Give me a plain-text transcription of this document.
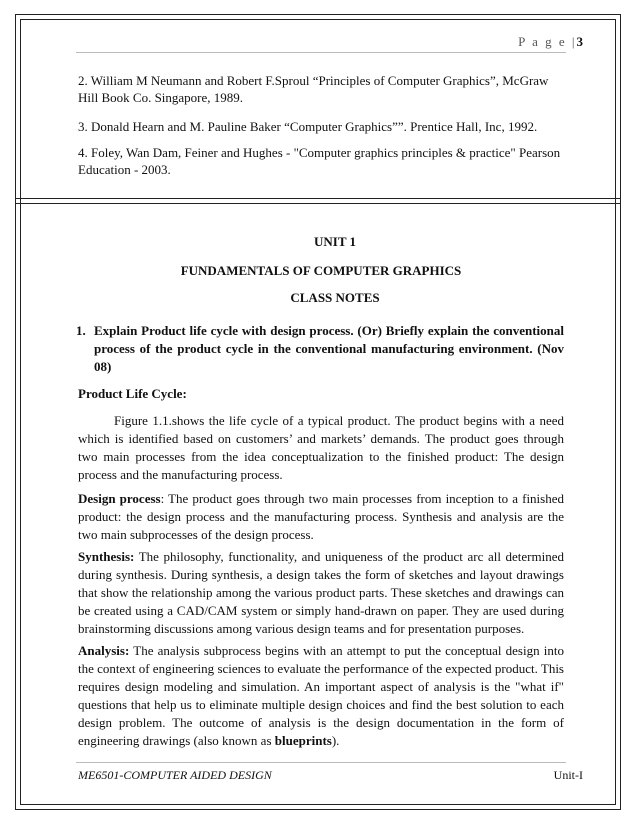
P a g e |3

2. William M Neumann and Robert F.Sproul “Principles of Computer Graphics”, McGraw Hill Book Co. Singapore, 1989.

3. Donald Hearn and M. Pauline Baker “Computer Graphics””. Prentice Hall, Inc, 1992.

4. Foley, Wan Dam, Feiner and Hughes - "Computer graphics principles & practice" Pearson Education - 2003.

UNIT 1

FUNDAMENTALS OF COMPUTER GRAPHICS

CLASS NOTES

1. Explain Product life cycle with design process. (Or) Briefly explain the conventional process of the product cycle in the conventional manufacturing environment. (Nov 08)

Product Life Cycle:

Figure 1.1.shows the life cycle of a typical product. The product begins with a need which is identified based on customers’ and markets’ demands. The product goes through two main processes from the idea conceptualization to the finished product: The design process and the manufacturing process.

Design process: The product goes through two main processes from inception to a finished product: the design process and the manufacturing process. Synthesis and analysis are the two main subprocesses of the design process.

Synthesis: The philosophy, functionality, and uniqueness of the product arc all determined during synthesis. During synthesis, a design takes the form of sketches and layout drawings that show the relationship among the various product parts. These sketches and drawings can be created using a CAD/CAM system or simply hand-drawn on paper. They are used during brainstorming discussions among various design teams and for presentation purposes.

Analysis: The analysis subprocess begins with an attempt to put the conceptual design into the context of engineering sciences to evaluate the performance of the expected product. This requires design modeling and simulation. An important aspect of analysis is the "what if" questions that help us to eliminate multiple design choices and find the best solution to each design problem. The outcome of analysis is the design documentation in the form of engineering drawings (also known as blueprints).

ME6501-COMPUTER AIDED DESIGN	Unit-I
